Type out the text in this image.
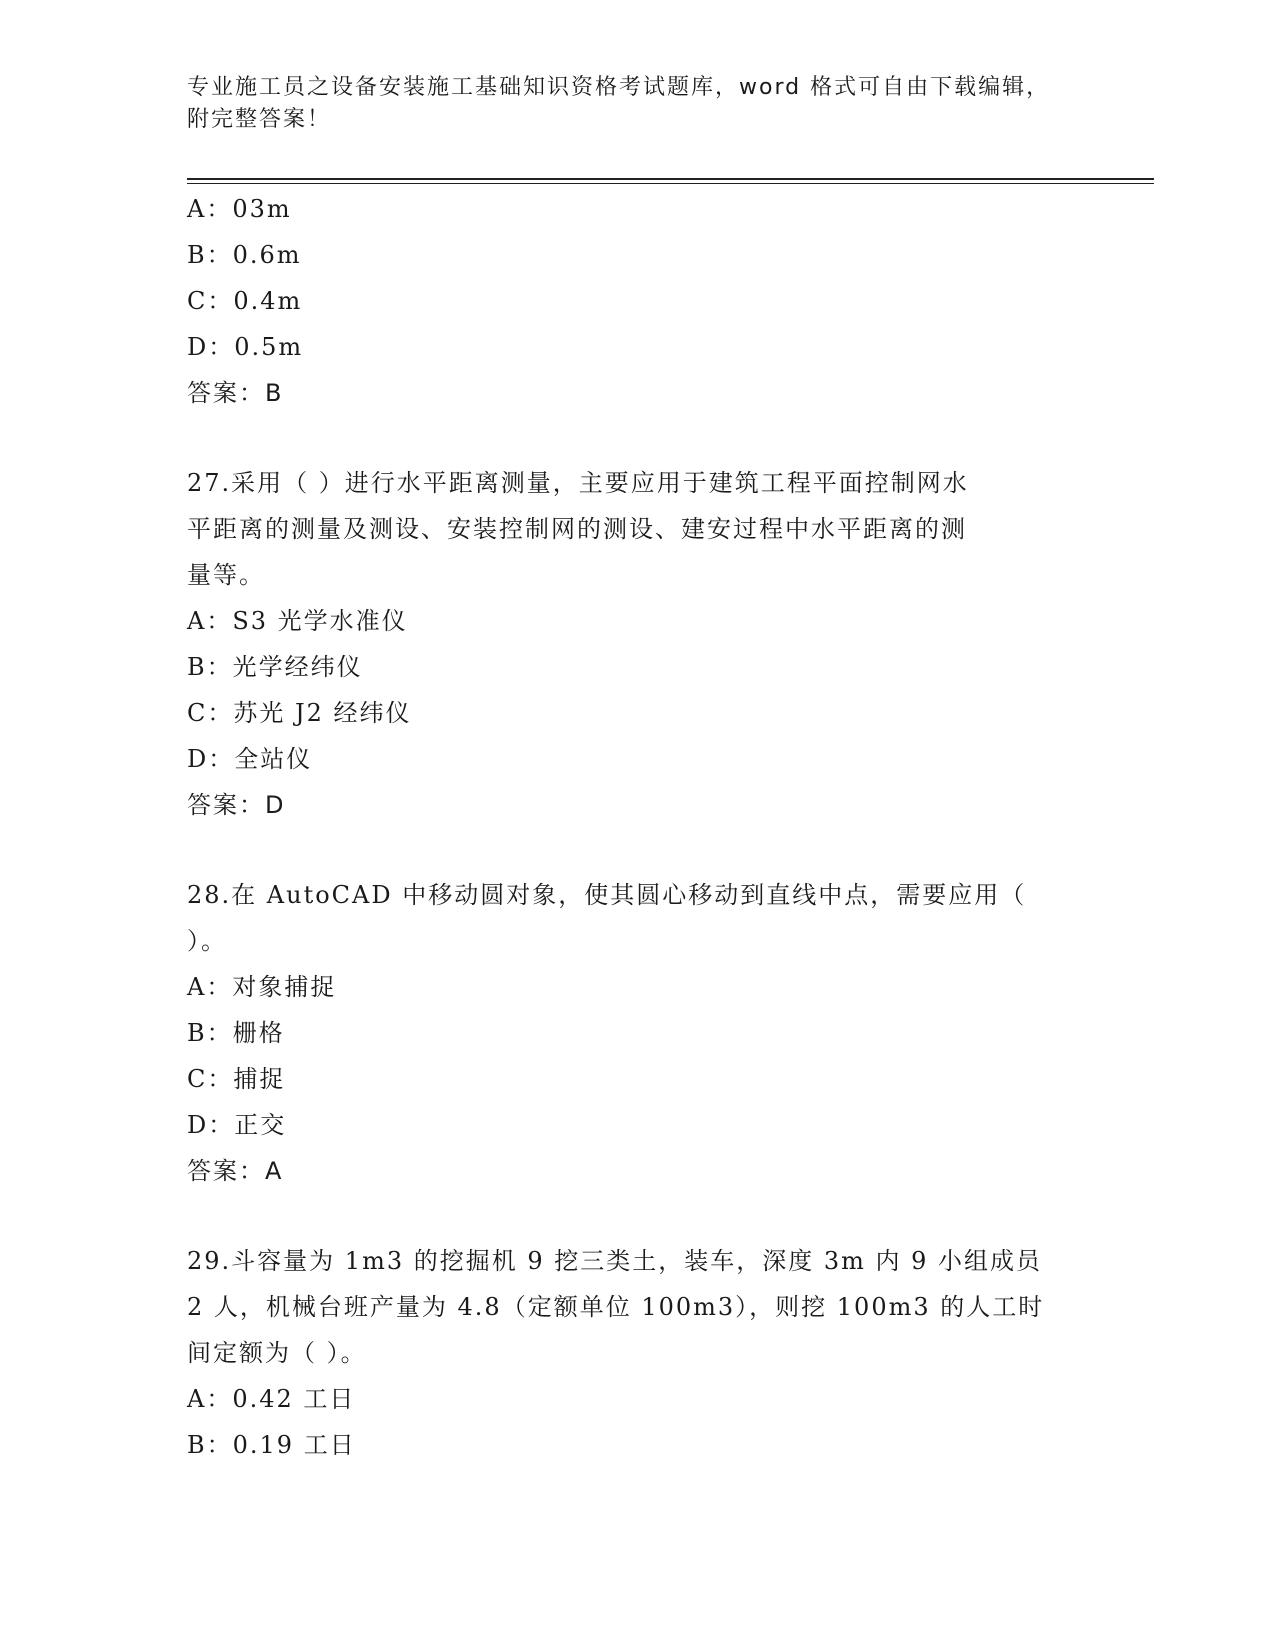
专业施工员之设备安装施工基础知识资格考试题库，word 格式可自由下载编辑，
附完整答案！
A：03m
B：0.6m
C：0.4m
D：0.5m
答案：B
27.采用（ ）进行水平距离测量，主要应用于建筑工程平面控制网水
平距离的测量及测设、安装控制网的测设、建安过程中水平距离的测
量等。
A：S3 光学水准仪
B：光学经纬仪
C：苏光 J2 经纬仪
D：全站仪
答案：D
28.在 AutoCAD 中移动圆对象，使其圆心移动到直线中点，需要应用（
）。
A：对象捕捉
B：栅格
C：捕捉
D：正交
答案：A
29.斗容量为 1m3 的挖掘机 9 挖三类土，装车，深度 3m 内 9 小组成员
2 人，机械台班产量为 4.8（定额单位 100m3），则挖 100m3 的人工时
间定额为（ ）。
A：0.42 工日
B：0.19 工日
